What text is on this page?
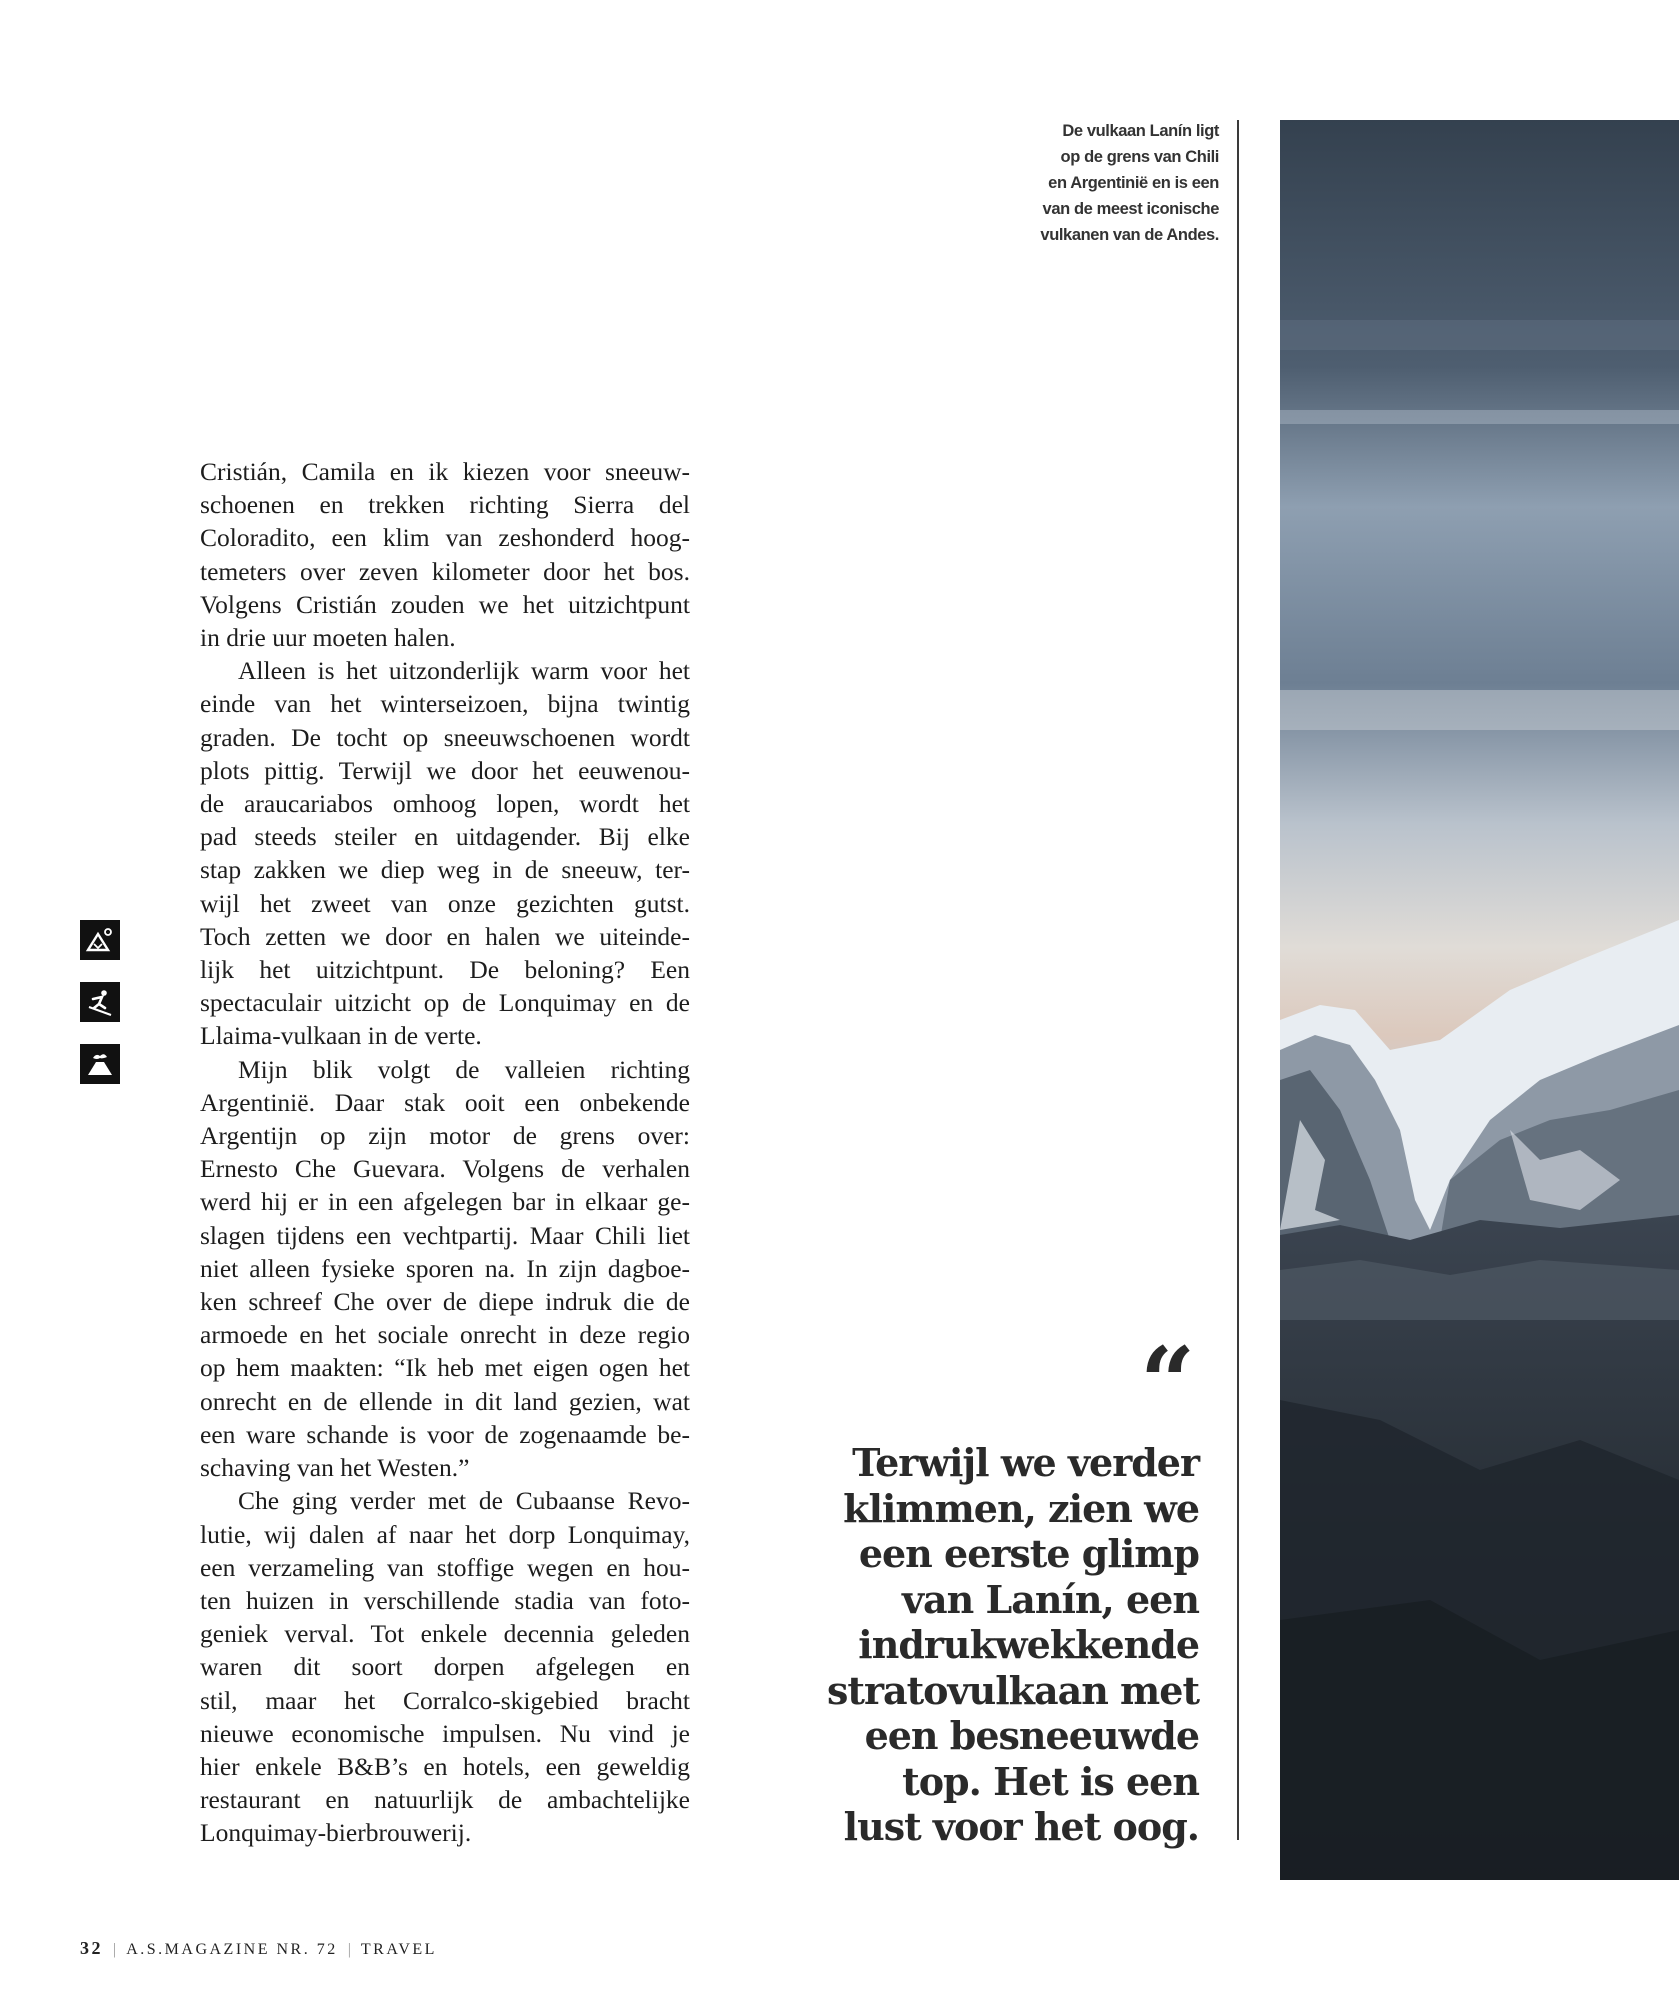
De vulkaan Lanín ligt
op de grens van Chili
en Argentinië en is een
van de meest iconische
vulkanen van de Andes.

Cristián, Camila en ik kiezen voor sneeuw-
schoenen en trekken richting Sierra del
Coloradito, een klim van zeshonderd hoog-
temeters over zeven kilometer door het bos.
Volgens Cristián zouden we het uitzichtpunt
in drie uur moeten halen.

Alleen is het uitzonderlijk warm voor het
einde van het winterseizoen, bijna twintig
graden. De tocht op sneeuwschoenen wordt
plots pittig. Terwijl we door het eeuwenou-
de araucariabos omhoog lopen, wordt het
pad steeds steiler en uitdagender. Bij elke
stap zakken we diep weg in de sneeuw, ter-
wijl het zweet van onze gezichten gutst.
Toch zetten we door en halen we uiteinde-
lijk het uitzichtpunt. De beloning? Een
spectaculair uitzicht op de Lonquimay en de
Llaima-vulkaan in de verte.

Mijn blik volgt de valleien richting
Argentinië. Daar stak ooit een onbekende
Argentijn op zijn motor de grens over:
Ernesto Che Guevara. Volgens de verhalen
werd hij er in een afgelegen bar in elkaar ge-
slagen tijdens een vechtpartij. Maar Chili liet
niet alleen fysieke sporen na. In zijn dagboe-
ken schreef Che over de diepe indruk die de
armoede en het sociale onrecht in deze regio
op hem maakten: “Ik heb met eigen ogen het
onrecht en de ellende in dit land gezien, wat
een ware schande is voor de zogenaamde be-
schaving van het Westen.”

Che ging verder met de Cubaanse Revo-
lutie, wij dalen af naar het dorp Lonquimay,
een verzameling van stoffige wegen en hou-
ten huizen in verschillende stadia van foto-
geniek verval. Tot enkele decennia geleden
waren dit soort dorpen afgelegen en
stil, maar het Corralco-skigebied bracht
nieuwe economische impulsen. Nu vind je
hier enkele B&B’s en hotels, een geweldig
restaurant en natuurlijk de ambachtelijke
Lonquimay-bierbrouwerij.

“
Terwijl we verder
klimmen, zien we
een eerste glimp
van Lanín, een
indrukwekkende
stratovulkaan met
een besneeuwde
top. Het is een
lust voor het oog.
32 | A.S.MAGAZINE NR. 72 | TRAVEL
